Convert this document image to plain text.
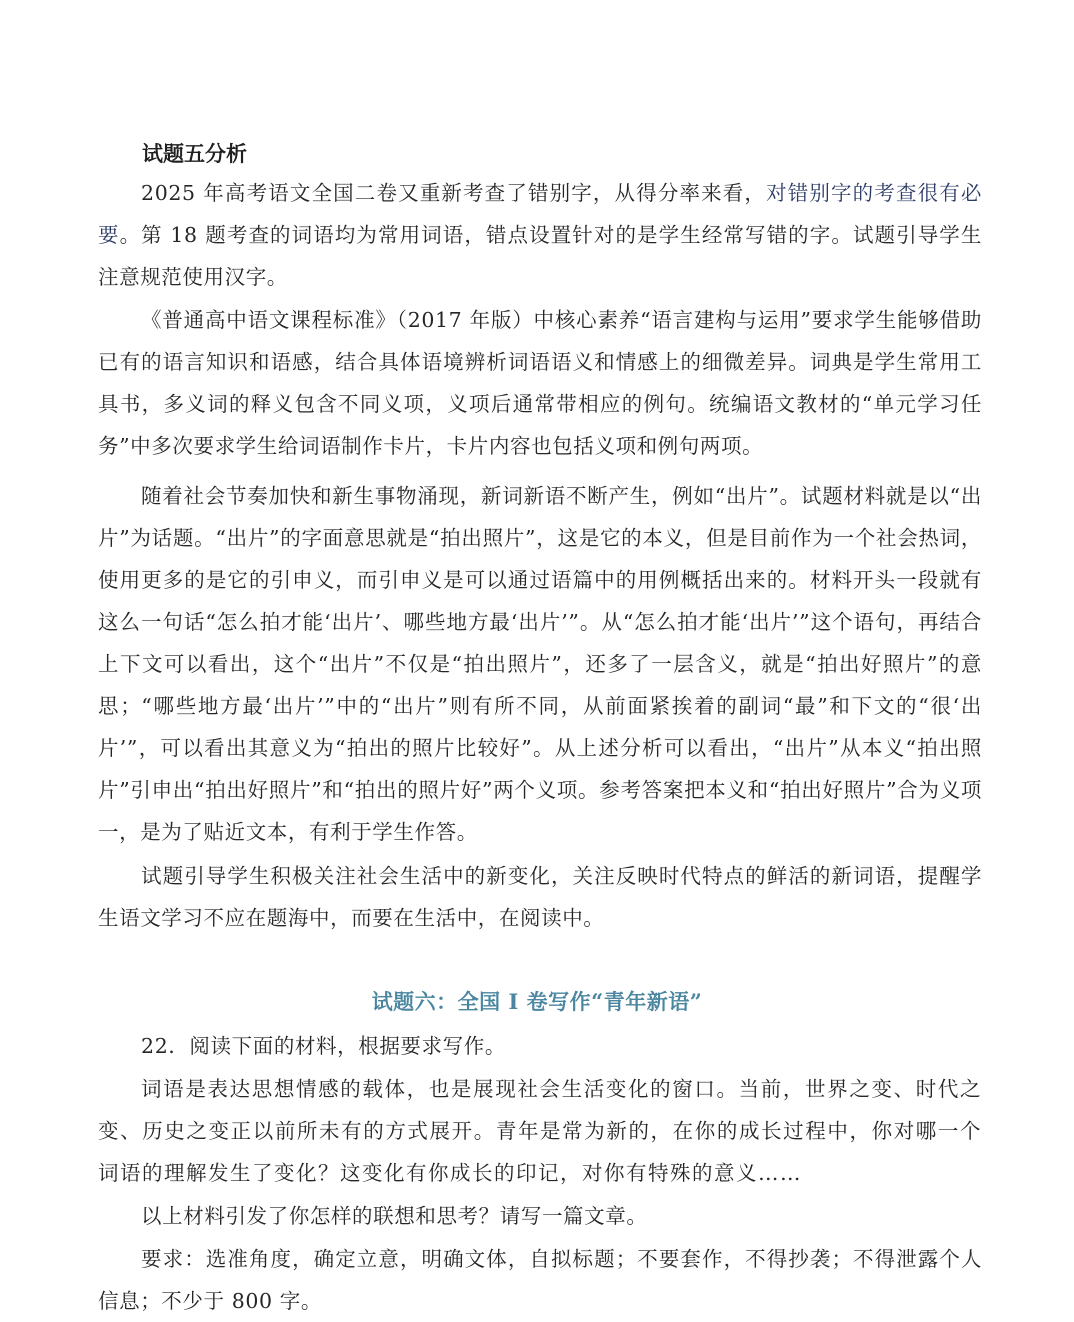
试题五分析

2025 年高考语文全国二卷又重新考查了错别字，从得分率来看，对错别字的考查很有必要。第 18 题考查的词语均为常用词语，错点设置针对的是学生经常写错的字。试题引导学生注意规范使用汉字。

《普通高中语文课程标准》（2017 年版）中核心素养“语言建构与运用”要求学生能够借助已有的语言知识和语感，结合具体语境辨析词语语义和情感上的细微差异。词典是学生常用工具书，多义词的释义包含不同义项，义项后通常带相应的例句。统编语文教材的“单元学习任务”中多次要求学生给词语制作卡片，卡片内容也包括义项和例句两项。

随着社会节奏加快和新生事物涌现，新词新语不断产生，例如“出片”。试题材料就是以“出片”为话题。“出片”的字面意思就是“拍出照片”，这是它的本义，但是目前作为一个社会热词，使用更多的是它的引申义，而引申义是可以通过语篇中的用例概括出来的。材料开头一段就有这么一句话“怎么拍才能‘出片’、哪些地方最‘出片’”。从“怎么拍才能‘出片’”这个语句，再结合上下文可以看出，这个“出片”不仅是“拍出照片”，还多了一层含义，就是“拍出好照片”的意思；“哪些地方最‘出片’”中的“出片”则有所不同，从前面紧挨着的副词“最”和下文的“很‘出片’”，可以看出其意义为“拍出的照片比较好”。从上述分析可以看出，“出片”从本义“拍出照片”引申出“拍出好照片”和“拍出的照片好”两个义项。参考答案把本义和“拍出好照片”合为义项一，是为了贴近文本，有利于学生作答。

试题引导学生积极关注社会生活中的新变化，关注反映时代特点的鲜活的新词语，提醒学生语文学习不应在题海中，而要在生活中，在阅读中。

试题六：全国 I 卷写作“青年新语”

22．阅读下面的材料，根据要求写作。

词语是表达思想情感的载体，也是展现社会生活变化的窗口。当前，世界之变、时代之变、历史之变正以前所未有的方式展开。青年是常为新的，在你的成长过程中，你对哪一个词语的理解发生了变化？这变化有你成长的印记，对你有特殊的意义……

以上材料引发了你怎样的联想和思考？请写一篇文章。

要求：选准角度，确定立意，明确文体，自拟标题；不要套作，不得抄袭；不得泄露个人信息；不少于 800 字。
